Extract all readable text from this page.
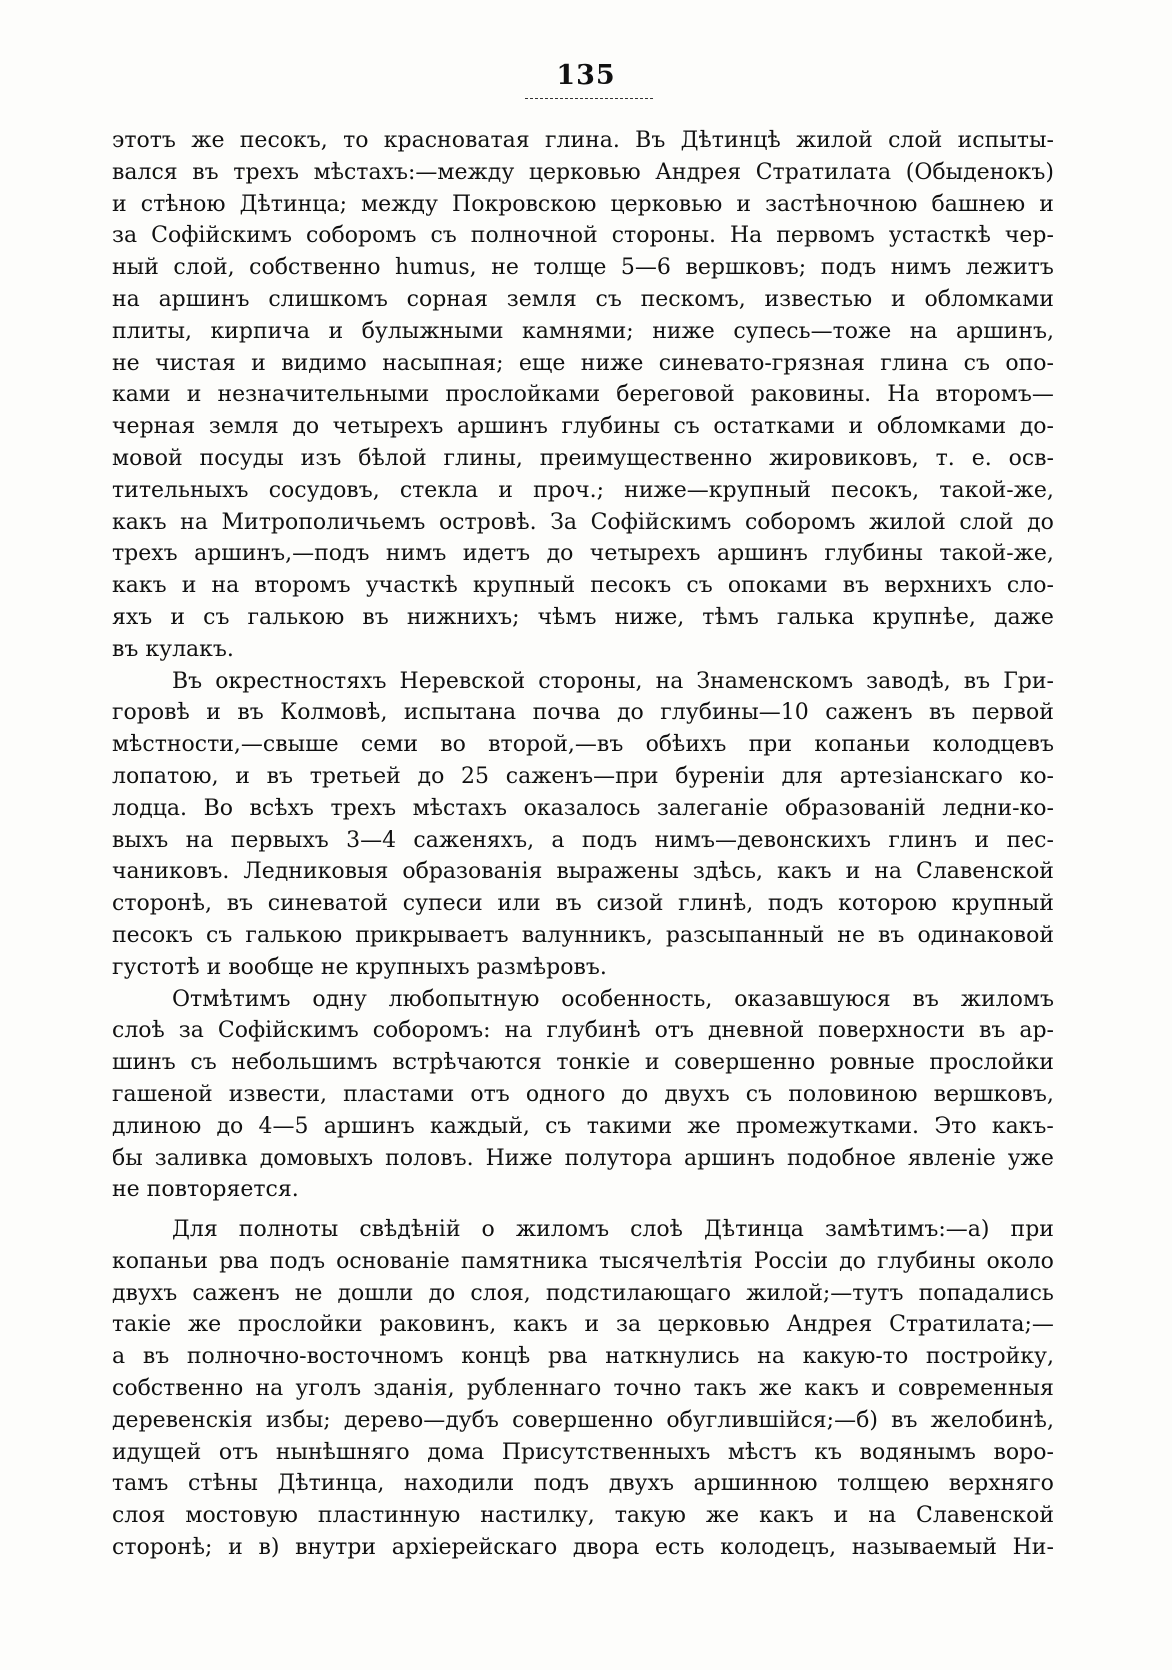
135
этотъ же песокъ, то красноватая глина. Въ Дѣтинцѣ жилой слой испыты-
вался въ трехъ мѣстахъ:—между церковью Андрея Стратилата (Обыденокъ)
и стѣною Дѣтинца; между Покровскою церковью и застѣночною башнею и
за Софійскимъ соборомъ съ полночной стороны. На первомъ устасткѣ чер-
ный слой, собственно humus, не толще 5—6 вершковъ; подъ нимъ лежитъ
на аршинъ слишкомъ сорная земля съ пескомъ, известью и обломками
плиты, кирпича и булыжными камнями; ниже супесь—тоже на аршинъ,
не чистая и видимо насыпная; еще ниже синевато-грязная глина съ опо-
ками и незначительными прослойками береговой раковины. На второмъ—
черная земля до четырехъ аршинъ глубины съ остатками и обломками до-
мовой посуды изъ бѣлой глины, преимущественно жировиковъ, т. е. осв-
тительныхъ сосудовъ, стекла и проч.; ниже—крупный песокъ, такой-же,
какъ на Митрополичьемъ островѣ. За Софійскимъ соборомъ жилой слой до
трехъ аршинъ,—подъ нимъ идетъ до четырехъ аршинъ глубины такой-же,
какъ и на второмъ участкѣ крупный песокъ съ опоками въ верхнихъ сло-
яхъ и съ галькою въ нижнихъ; чѣмъ ниже, тѣмъ галька крупнѣе, даже
въ кулакъ.
Въ окрестностяхъ Неревской стороны, на Знаменскомъ заводѣ, въ Гри-
горовѣ и въ Колмовѣ, испытана почва до глубины—10 саженъ въ первой
мѣстности,—свыше семи во второй,—въ обѣихъ при копаньи колодцевъ
лопатою, и въ третьей до 25 саженъ—при буреніи для артезіанскаго ко-
лодца. Во всѣхъ трехъ мѣстахъ оказалось залеганіе образованій ледни-ко-
выхъ на первыхъ 3—4 саженяхъ, а подъ нимъ—девонскихъ глинъ и пес-
чаниковъ. Ледниковыя образованія выражены здѣсь, какъ и на Славенской
сторонѣ, въ синеватой супеси или въ сизой глинѣ, подъ которою крупный
песокъ съ галькою прикрываетъ валунникъ, разсыпанный не въ одинаковой
густотѣ и вообще не крупныхъ размѣровъ.
Отмѣтимъ одну любопытную особенность, оказавшуюся въ жиломъ
слоѣ за Софійскимъ соборомъ: на глубинѣ отъ дневной поверхности въ ар-
шинъ съ небольшимъ встрѣчаются тонкіе и совершенно ровные прослойки
гашеной извести, пластами отъ одного до двухъ съ половиною вершковъ,
длиною до 4—5 аршинъ каждый, съ такими же промежутками. Это какъ-
бы заливка домовыхъ половъ. Ниже полутора аршинъ подобное явленіе уже
не повторяется.
Для полноты свѣдѣній о жиломъ слоѣ Дѣтинца замѣтимъ:—а) при
копаньи рва подъ основаніе памятника тысячелѣтія Россіи до глубины около
двухъ саженъ не дошли до слоя, подстилающаго жилой;—тутъ попадались
такіе же прослойки раковинъ, какъ и за церковью Андрея Стратилата;—
а въ полночно-восточномъ концѣ рва наткнулись на какую-то постройку,
собственно на уголъ зданія, рубленнаго точно такъ же какъ и современныя
деревенскія избы; дерево—дубъ совершенно обуглившійся;—б) въ желобинѣ,
идущей отъ нынѣшняго дома Присутственныхъ мѣстъ къ водянымъ воро-
тамъ стѣны Дѣтинца, находили подъ двухъ аршинною толщею верхняго
слоя мостовую пластинную настилку, такую же какъ и на Славенской
сторонѣ; и в) внутри архіерейскаго двора есть колодецъ, называемый Ни-
